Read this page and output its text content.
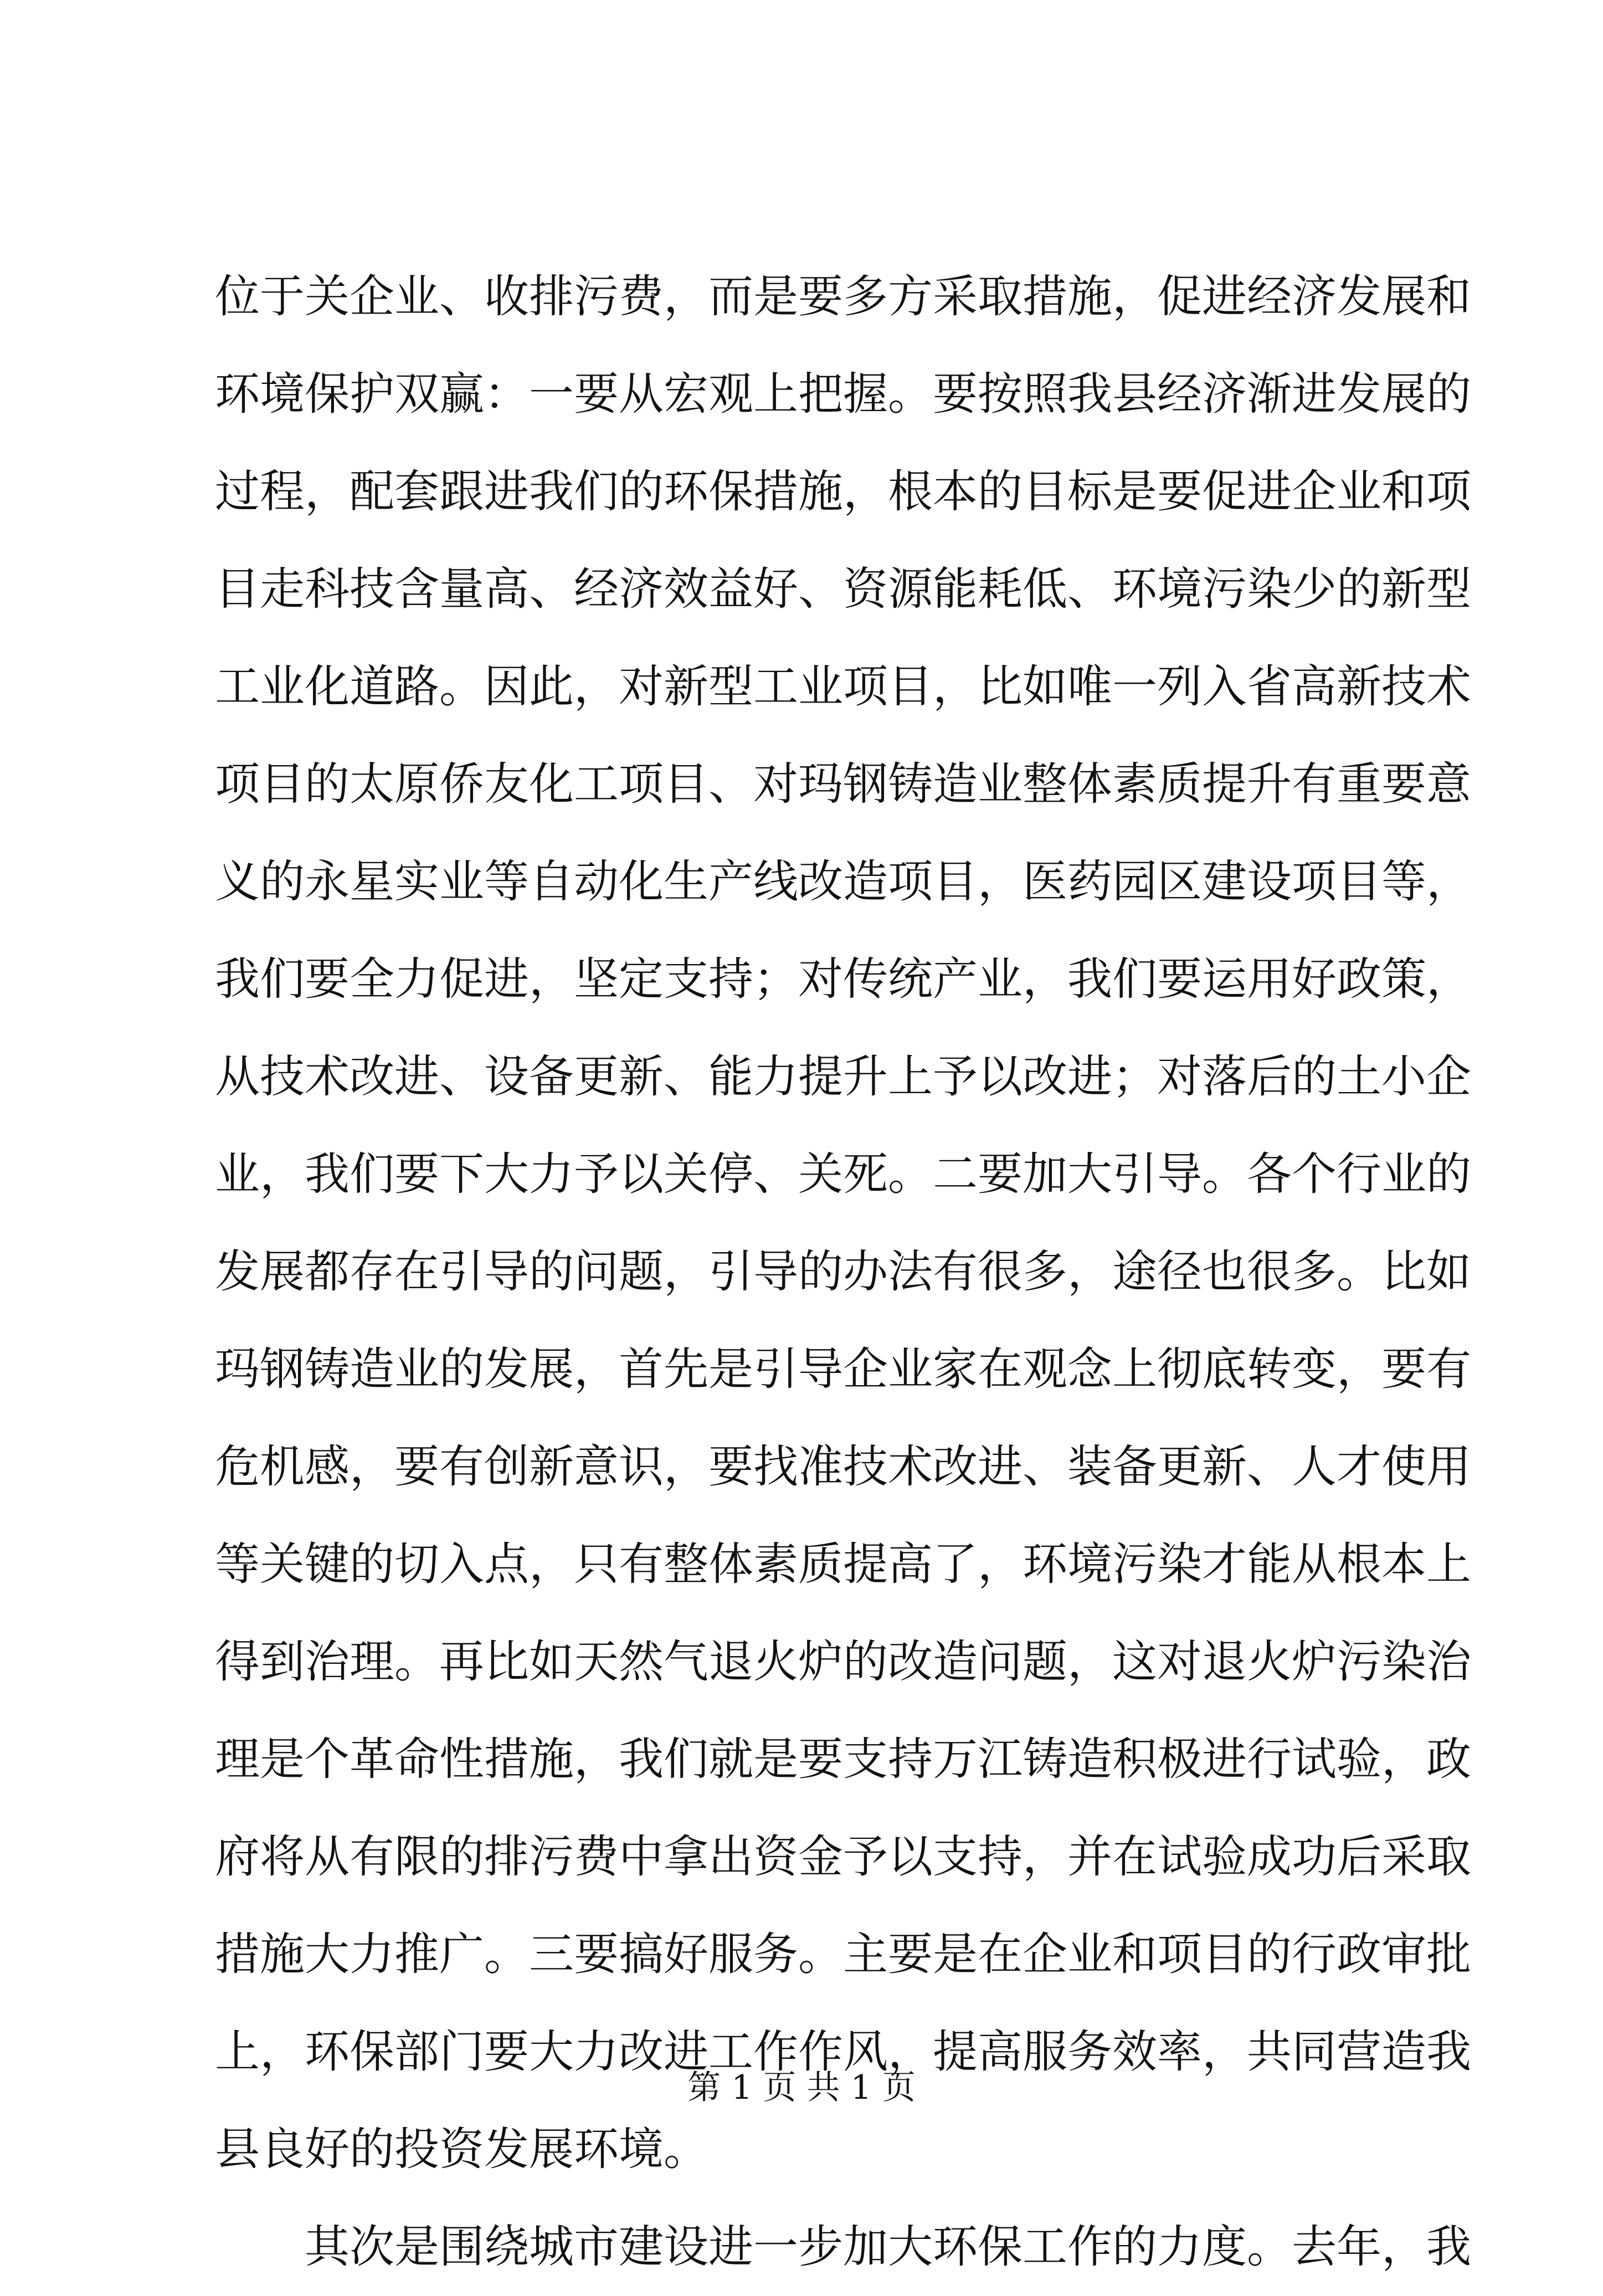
位于关企业、收排污费，而是要多方采取措施，促进经济发展和
环境保护双赢：一要从宏观上把握。要按照我县经济渐进发展的
过程，配套跟进我们的环保措施，根本的目标是要促进企业和项
目走科技含量高、经济效益好、资源能耗低、环境污染少的新型
工业化道路。因此，对新型工业项目，比如唯一列入省高新技术
项目的太原侨友化工项目、对玛钢铸造业整体素质提升有重要意
义的永星实业等自动化生产线改造项目，医药园区建设项目等，
我们要全力促进，坚定支持；对传统产业，我们要运用好政策，
从技术改进、设备更新、能力提升上予以改进；对落后的土小企
业，我们要下大力予以关停、关死。二要加大引导。各个行业的
发展都存在引导的问题，引导的办法有很多，途径也很多。比如
玛钢铸造业的发展，首先是引导企业家在观念上彻底转变，要有
危机感，要有创新意识，要找准技术改进、装备更新、人才使用
等关键的切入点，只有整体素质提高了，环境污染才能从根本上
得到治理。再比如天然气退火炉的改造问题，这对退火炉污染治
理是个革命性措施，我们就是要支持万江铸造积极进行试验，政
府将从有限的排污费中拿出资金予以支持，并在试验成功后采取
措施大力推广。三要搞好服务。主要是在企业和项目的行政审批
上，环保部门要大力改进工作作风，提高服务效率，共同营造我
县良好的投资发展环境。
其次是围绕城市建设进一步加大环保工作的力度。去年，我
第 1 页 共 1 页
